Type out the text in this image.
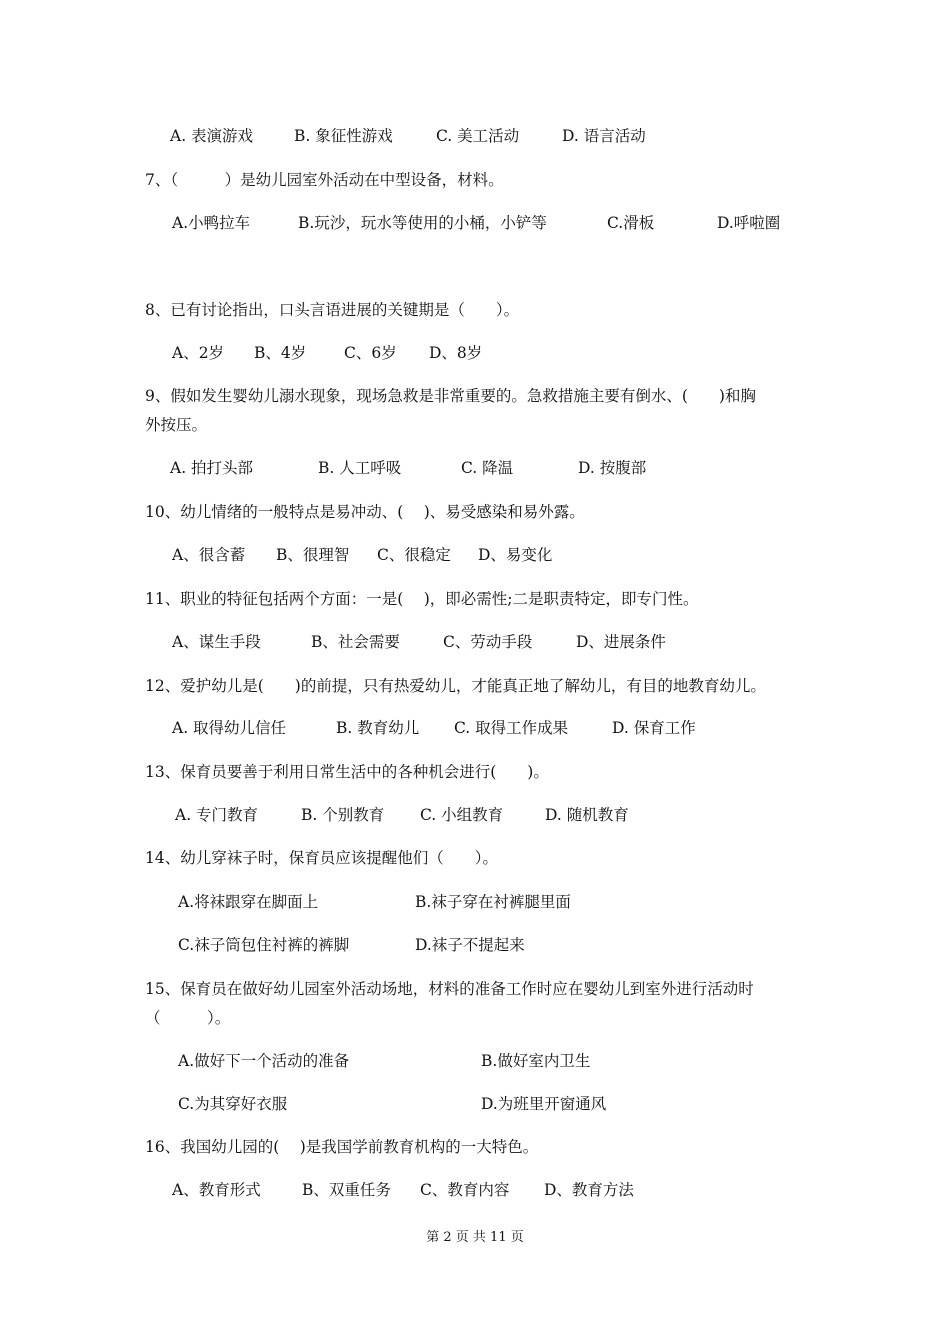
A. 表演游戏	B. 象征性游戏	C. 美工活动	D. 语言活动
7、（　　　）是幼儿园室外活动在中型设备，材料。
A.小鸭拉车	B.玩沙，玩水等使用的小桶，小铲等	C.滑板	D.呼啦圈
8、已有讨论指出，口头言语进展的关键期是（　　）。
A、2岁 B、4岁 C、6岁 D、8岁
9、假如发生婴幼儿溺水现象，现场急救是非常重要的。急救措施主要有倒水、(　　)和胸
外按压。
A. 拍打头部	B. 人工呼吸	C. 降温	D. 按腹部
10、幼儿情绪的一般特点是易冲动、(　 )、易受感染和易外露。
A、很含蓄 B、很理智 C、很稳定 D、易变化
11、职业的特征包括两个方面：一是(　 )，即必需性;二是职责特定，即专门性。
A、谋生手段	B、社会需要	C、劳动手段	D、进展条件
12、爱护幼儿是(　　)的前提，只有热爱幼儿，才能真正地了解幼儿，有目的地教育幼儿。
A. 取得幼儿信任	B. 教育幼儿 C. 取得工作成果	D. 保育工作
13、保育员要善于利用日常生活中的各种机会进行(　　)。
A. 专门教育	B. 个别教育 C. 小组教育	D. 随机教育
14、幼儿穿袜子时，保育员应该提醒他们（　　）。
A.将袜跟穿在脚面上	B.袜子穿在衬裤腿里面
C.袜子筒包住衬裤的裤脚	D.袜子不提起来
15、保育员在做好幼儿园室外活动场地，材料的准备工作时应在婴幼儿到室外进行活动时
（　　　）。
A.做好下一个活动的准备	B.做好室内卫生
C.为其穿好衣服	D.为班里开窗通风
16、我国幼儿园的(　 )是我国学前教育机构的一大特色。
A、教育形式	B、双重任务 C、教育内容 D、教育方法
第 2 页 共 11 页
